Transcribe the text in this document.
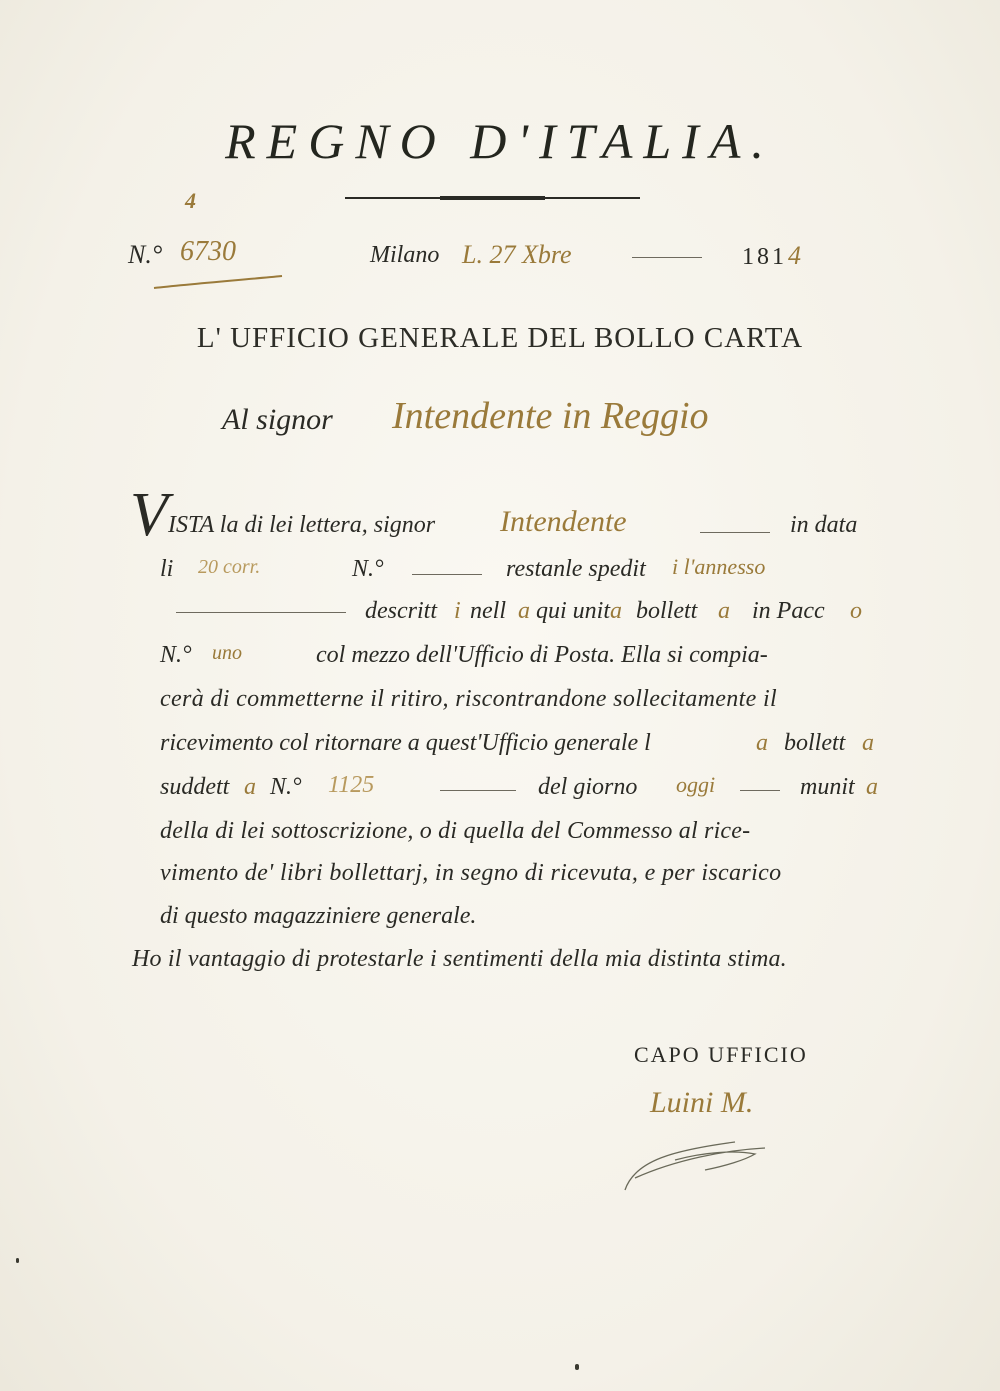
REGNO D'ITALIA.
4
N.° 6730	Milano L. 27 Xbre	181 4
L' UFFICIO GENERALE DEL BOLLO CARTA
Al signor Intendente in Reggio
V ISTA la di lei lettera, signor Intendente	in data
li 20 corr.	N.°	restanle spedit i l'annesso
descritt i nell a qui unit a bollett a in Pacc o
N.° uno	col mezzo dell'Ufficio di Posta. Ella si compia-
cerà di commetterne il ritiro, riscontrandone sollecitamente il
ricevimento col ritornare a quest'Ufficio generale l	a bollett a
suddett a N.° 1125	del giorno oggi	munit a
della di lei sottoscrizione, o di quella del Commesso al rice-
vimento de' libri bollettarj, in segno di ricevuta, e per iscarico
di questo magazziniere generale.
Ho il vantaggio di protestarle i sentimenti della mia distinta stima.
CAPO UFFICIO
Luini M.
